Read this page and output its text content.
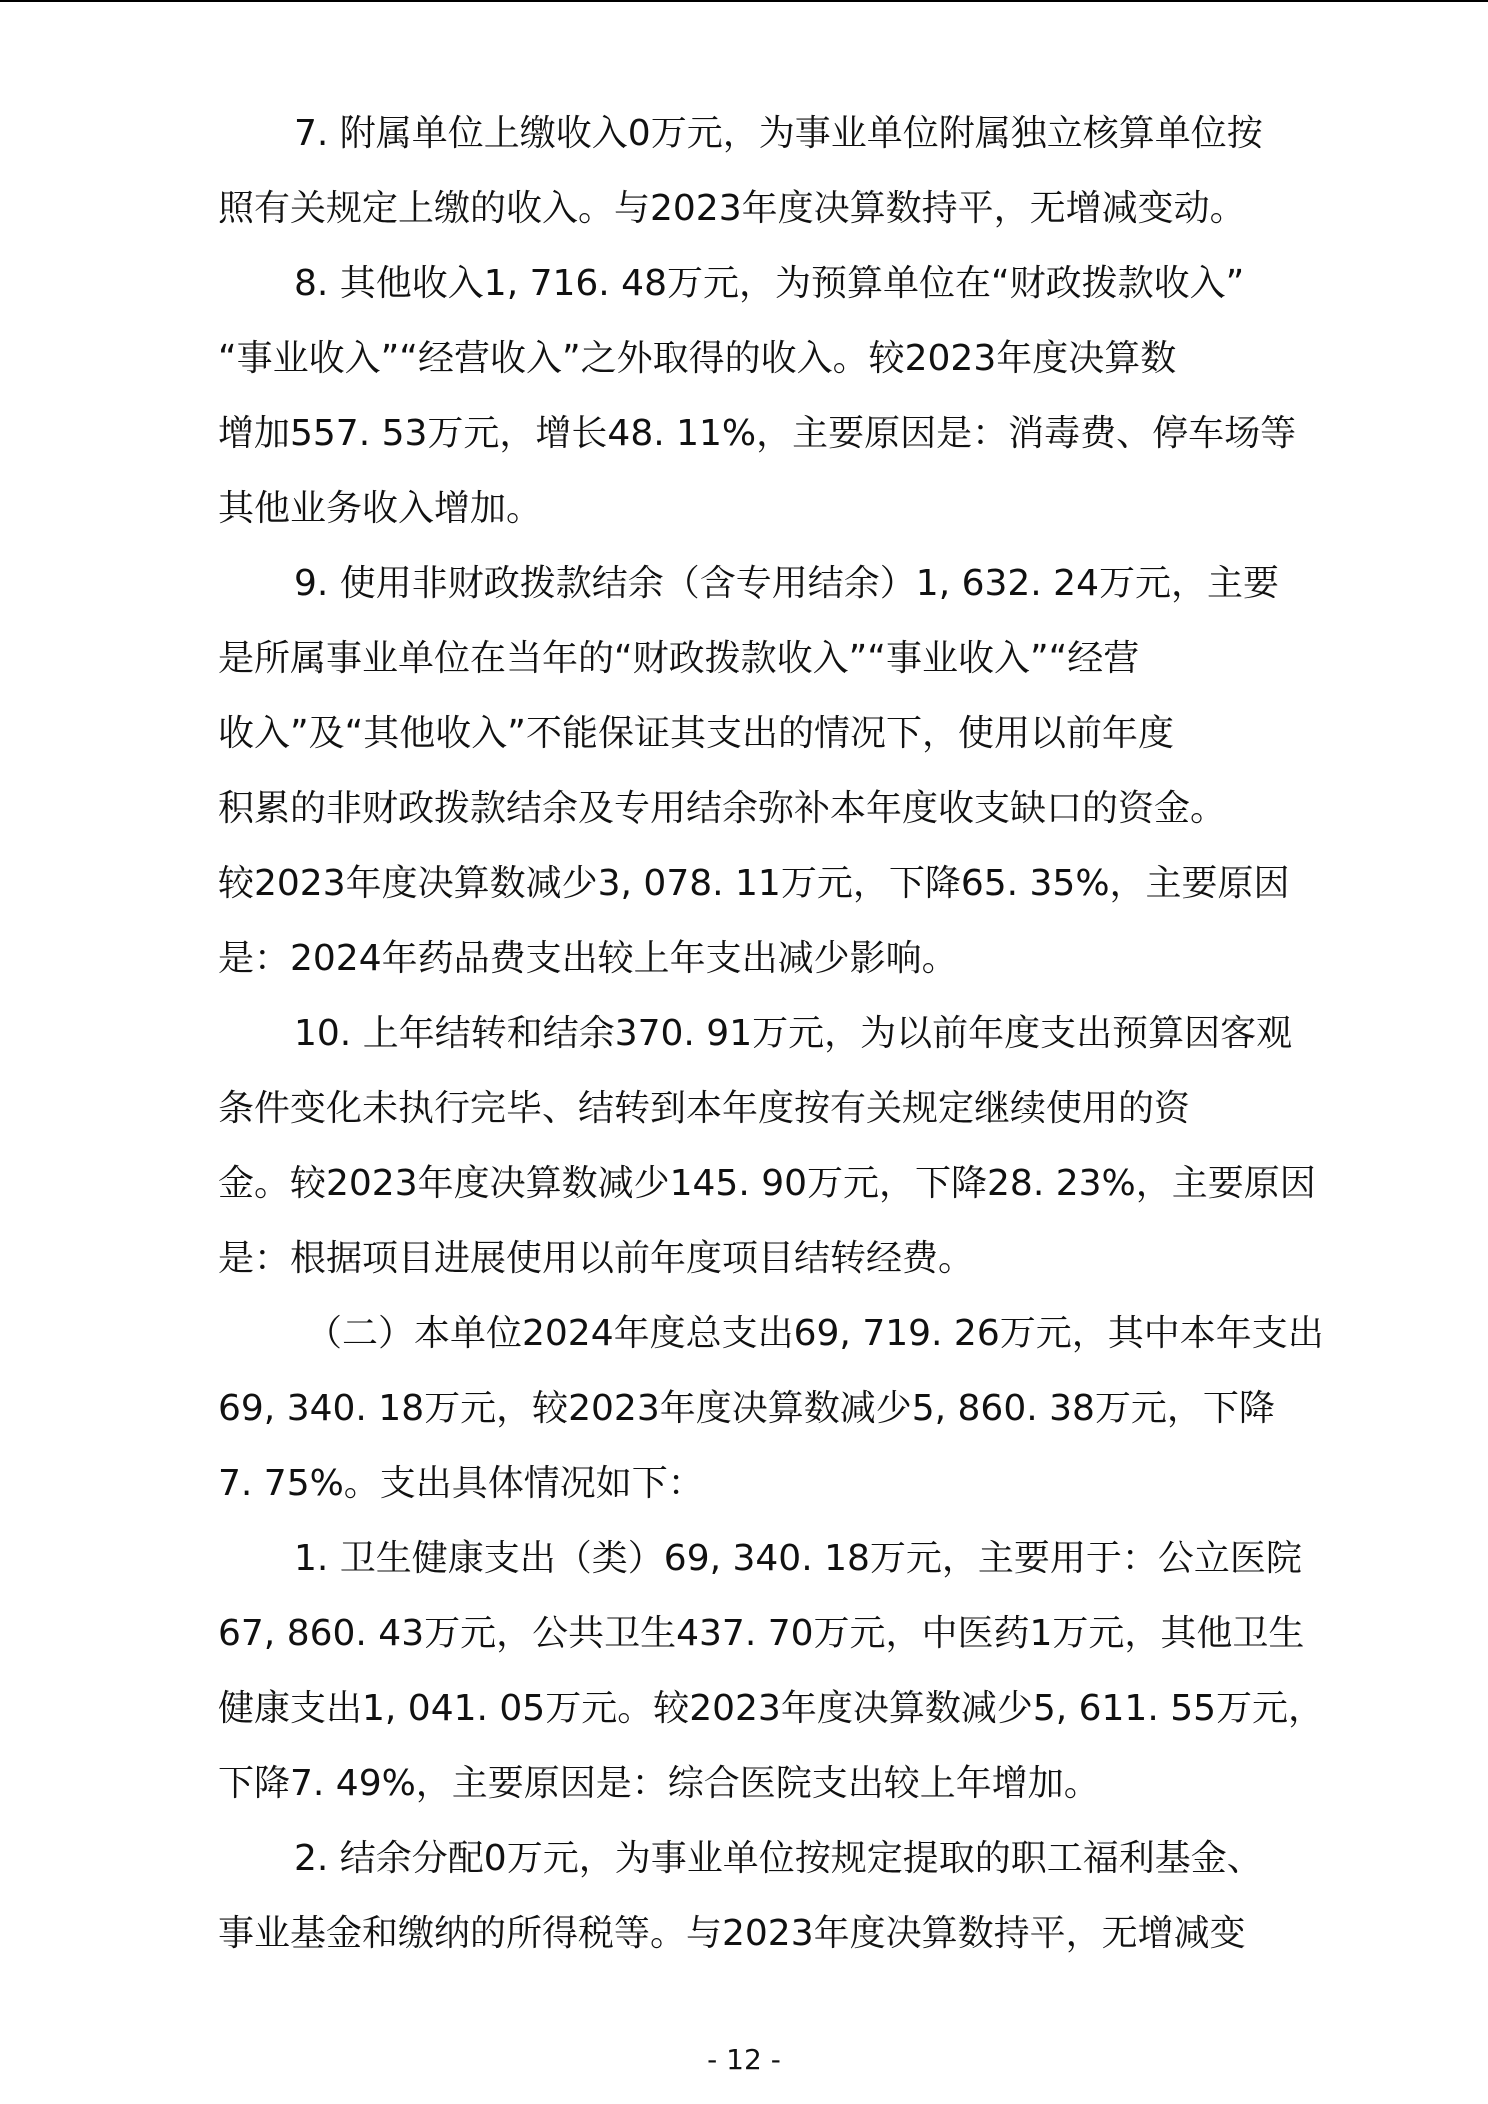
7. 附属单位上缴收入0万元，为事业单位附属独立核算单位按
照有关规定上缴的收入。与2023年度决算数持平，无增减变动。
8. 其他收入1, 716. 48万元，为预算单位在“财政拨款收入”
“事业收入”“经营收入”之外取得的收入。较2023年度决算数
增加557. 53万元，增长48. 11%，主要原因是：消毒费、停车场等
其他业务收入增加。
9. 使用非财政拨款结余（含专用结余）1, 632. 24万元，主要
是所属事业单位在当年的“财政拨款收入”“事业收入”“经营
收入”及“其他收入”不能保证其支出的情况下，使用以前年度
积累的非财政拨款结余及专用结余弥补本年度收支缺口的资金。
较2023年度决算数减少3, 078. 11万元，下降65. 35%，主要原因
是：2024年药品费支出较上年支出减少影响。
10. 上年结转和结余370. 91万元，为以前年度支出预算因客观
条件变化未执行完毕、结转到本年度按有关规定继续使用的资
金。较2023年度决算数减少145. 90万元，下降28. 23%，主要原因
是：根据项目进展使用以前年度项目结转经费。
（二）本单位2024年度总支出69, 719. 26万元，其中本年支出
69, 340. 18万元，较2023年度决算数减少5, 860. 38万元，下降
7. 75%。支出具体情况如下：
1. 卫生健康支出（类）69, 340. 18万元，主要用于：公立医院
67, 860. 43万元，公共卫生437. 70万元，中医药1万元，其他卫生
健康支出1, 041. 05万元。较2023年度决算数减少5, 611. 55万元，
下降7. 49%，主要原因是：综合医院支出较上年增加。
2. 结余分配0万元，为事业单位按规定提取的职工福利基金、
事业基金和缴纳的所得税等。与2023年度决算数持平，无增减变
- 12 -
